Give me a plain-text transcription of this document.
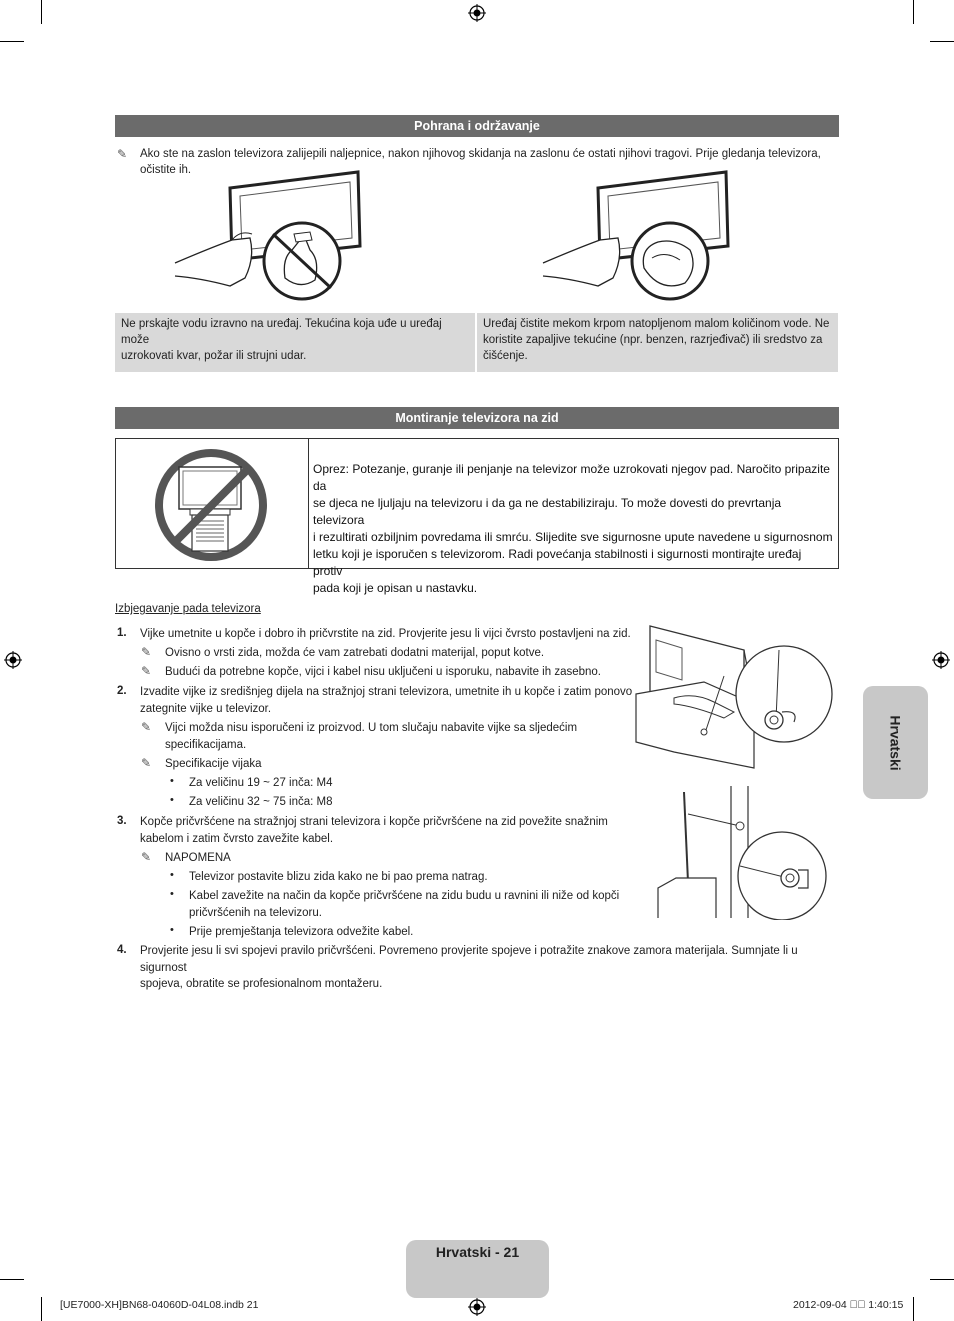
Pohrana i održavanje
✎ Ako ste na zaslon televizora zalijepili naljepnice, nakon njihovog skidanja na zaslonu će ostati njihovi tragovi. Prije gledanja televizora, očistite ih.
Ne prskajte vodu izravno na uređaj. Tekućina koja uđe u uređaj može
uzrokovati kvar, požar ili strujni udar.
Uređaj čistite mekom krpom natopljenom malom količinom vode. Ne
koristite zapaljive tekućine (npr. benzen, razrjeđivač) ili sredstvo za
čišćenje.
Montiranje televizora na zid
Oprez: Potezanje, guranje ili penjanje na televizor može uzrokovati njegov pad. Naročito pripazite da
se djeca ne ljuljaju na televizoru i da ga ne destabiliziraju. To može dovesti do prevrtanja televizora
i rezultirati ozbiljnim povredama ili smrću. Slijedite sve sigurnosne upute navedene u sigurnosnom
letku koji je isporučen s televizorom. Radi povećanja stabilnosti i sigurnosti montirajte uređaj protiv
pada koji je opisan u nastavku.
Izbjegavanje pada televizora
1. Vijke umetnite u kopče i dobro ih pričvrstite na zid. Provjerite jesu li vijci čvrsto postavljeni na zid.
✎ Ovisno o vrsti zida, možda će vam zatrebati dodatni materijal, poput kotve.
✎ Budući da potrebne kopče, vijci i kabel nisu uključeni u isporuku, nabavite ih zasebno.
2. Izvadite vijke iz središnjeg dijela na stražnjoj strani televizora, umetnite ih u kopče i zatim ponovo
zategnite vijke u televizor.
✎ Vijci možda nisu isporučeni iz proizvod. U tom slučaju nabavite vijke sa sljedećim
specifikacijama.
✎ Specifikacije vijaka
• Za veličinu 19 ~ 27 inča: M4
• Za veličinu 32 ~ 75 inča: M8
3. Kopče pričvršćene na stražnjoj strani televizora i kopče pričvršćene na zid povežite snažnim
kabelom i zatim čvrsto zavežite kabel.
✎ NAPOMENA
• Televizor postavite blizu zida kako ne bi pao prema natrag.
• Kabel zavežite na način da kopče pričvršćene na zidu budu u ravnini ili niže od kopči
pričvršćenih na televizoru.
• Prije premještanja televizora odvežite kabel.
4. Provjerite jesu li svi spojevi pravilo pričvršćeni. Povremeno provjerite spojeve i potražite znakove zamora materijala. Sumnjate li u sigurnost
spojeva, obratite se profesionalnom montažeru.
Hrvatski
Hrvatski - 21
[UE7000-XH]BN68-04060D-04L08.indb 21	2012-09-04 ￿￿ 1:40:15
